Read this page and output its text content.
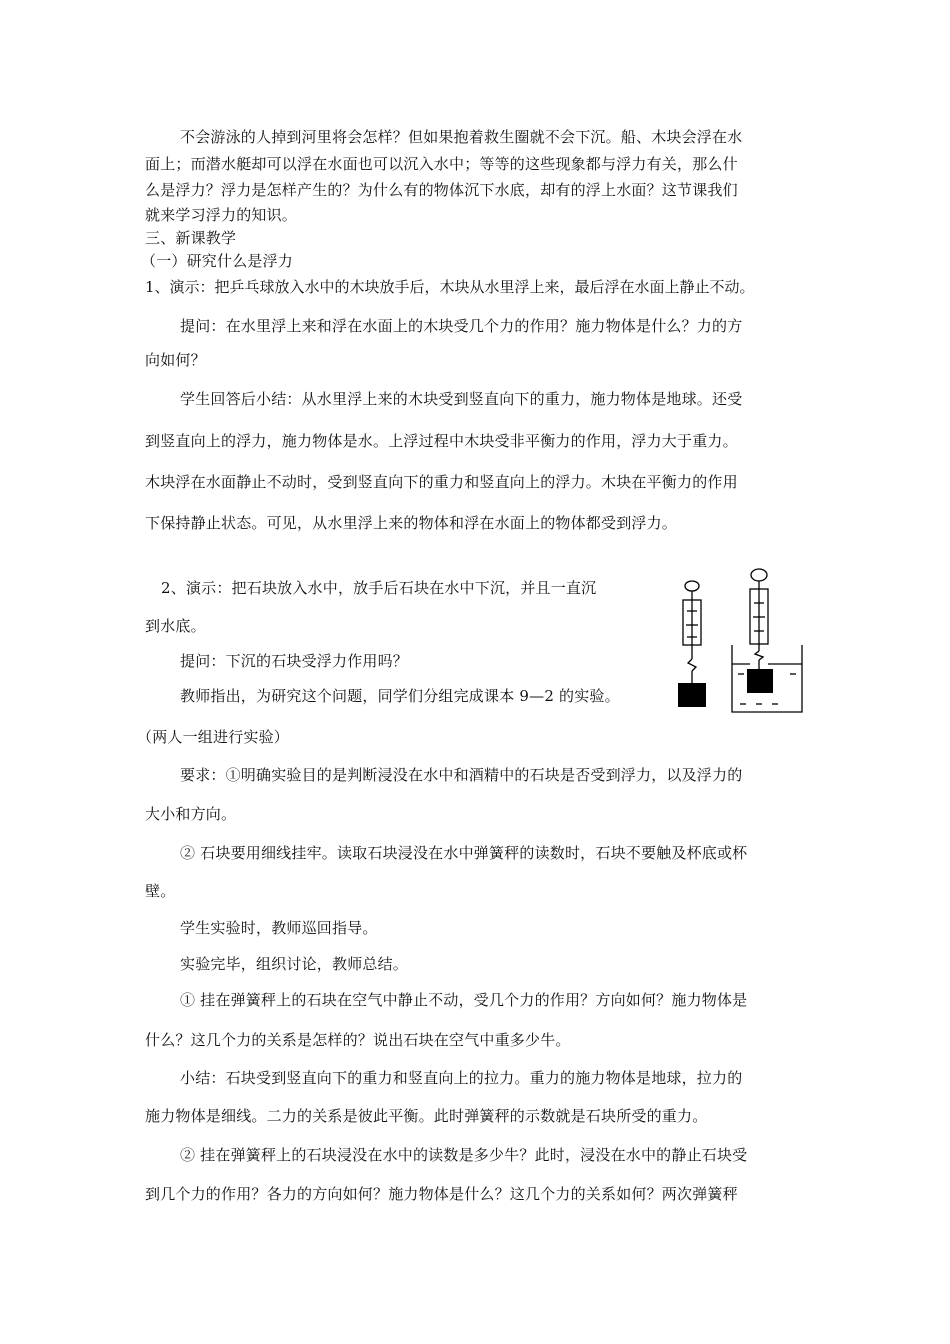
不会游泳的人掉到河里将会怎样？但如果抱着救生圈就不会下沉。船、木块会浮在水
面上；而潜水艇却可以浮在水面也可以沉入水中；等等的这些现象都与浮力有关，那么什
么是浮力？浮力是怎样产生的？为什么有的物体沉下水底，却有的浮上水面？这节课我们
就来学习浮力的知识。
三、新课教学
（一）研究什么是浮力
1、演示：把乒乓球放入水中的木块放手后，木块从水里浮上来，最后浮在水面上静止不动。
提问：在水里浮上来和浮在水面上的木块受几个力的作用？施力物体是什么？力的方
向如何？
学生回答后小结：从水里浮上来的木块受到竖直向下的重力，施力物体是地球。还受
到竖直向上的浮力，施力物体是水。上浮过程中木块受非平衡力的作用，浮力大于重力。
木块浮在水面静止不动时，受到竖直向下的重力和竖直向上的浮力。木块在平衡力的作用
下保持静止状态。可见，从水里浮上来的物体和浮在水面上的物体都受到浮力。
2、演示：把石块放入水中，放手后石块在水中下沉，并且一直沉
到水底。
提问：下沉的石块受浮力作用吗？
教师指出，为研究这个问题，同学们分组完成课本 9—2 的实验。
（两人一组进行实验）
要求：①明确实验目的是判断浸没在水中和酒精中的石块是否受到浮力，以及浮力的
大小和方向。
② 石块要用细线挂牢。读取石块浸没在水中弹簧秤的读数时，石块不要触及杯底或杯
壁。
学生实验时，教师巡回指导。
实验完毕，组织讨论，教师总结。
① 挂在弹簧秤上的石块在空气中静止不动，受几个力的作用？方向如何？施力物体是
什么？这几个力的关系是怎样的？说出石块在空气中重多少牛。
小结：石块受到竖直向下的重力和竖直向上的拉力。重力的施力物体是地球，拉力的
施力物体是细线。二力的关系是彼此平衡。此时弹簧秤的示数就是石块所受的重力。
② 挂在弹簧秤上的石块浸没在水中的读数是多少牛？此时，浸没在水中的静止石块受
到几个力的作用？各力的方向如何？施力物体是什么？这几个力的关系如何？两次弹簧秤
